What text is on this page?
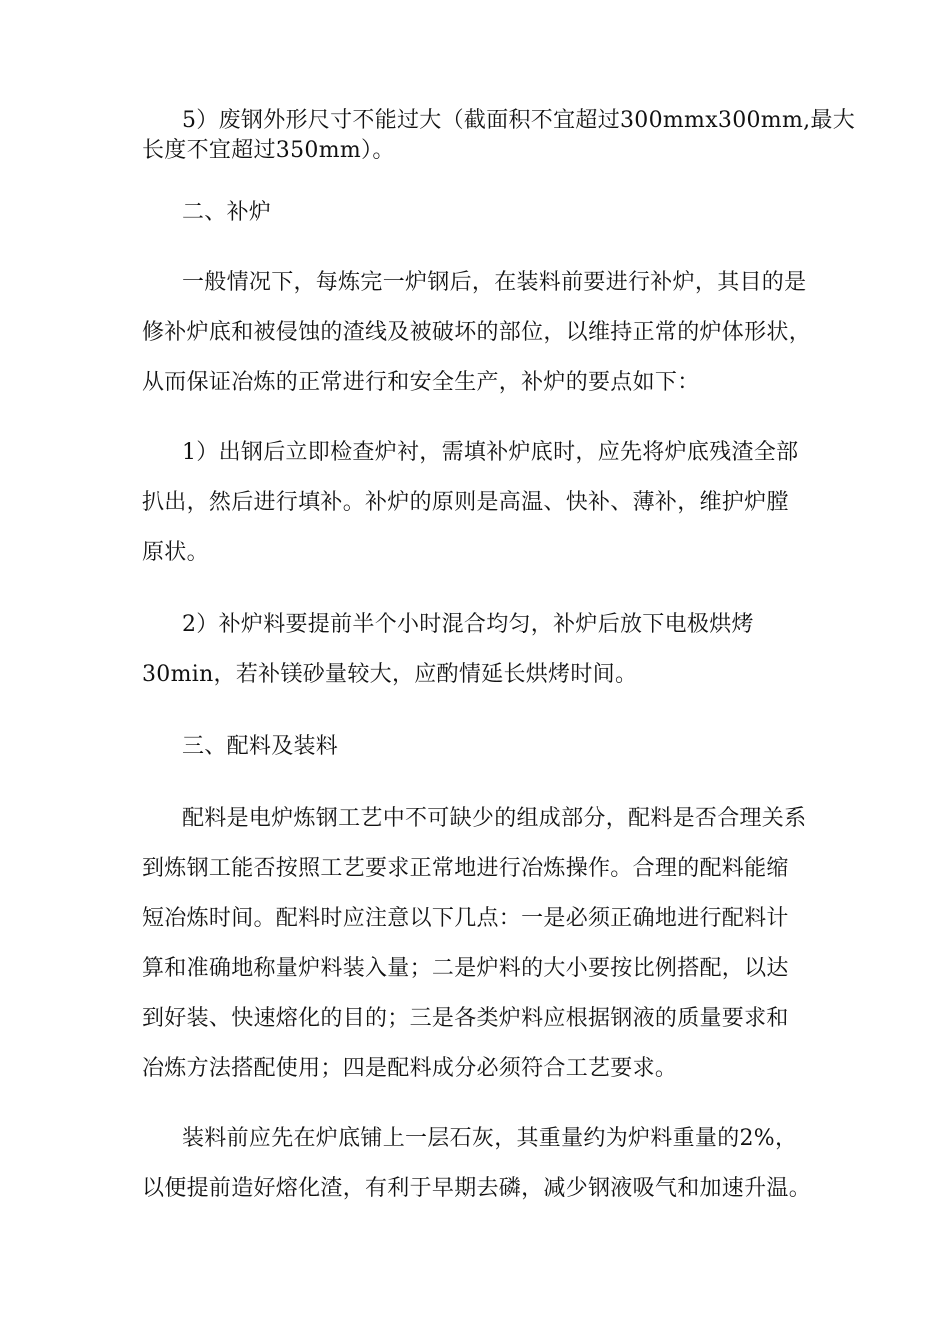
5）废钢外形尺寸不能过大（截面积不宜超过300mmx300mm,最大
长度不宜超过350mm）。

二、补炉

一般情况下，每炼完一炉钢后，在装料前要进行补炉，其目的是
修补炉底和被侵蚀的渣线及被破坏的部位，以维持正常的炉体形状，
从而保证冶炼的正常进行和安全生产，补炉的要点如下：

1）出钢后立即检查炉衬，需填补炉底时，应先将炉底残渣全部
扒出，然后进行填补。补炉的原则是高温、快补、薄补，维护炉膛
原状。

2）补炉料要提前半个小时混合均匀，补炉后放下电极烘烤
30min，若补镁砂量较大，应酌情延长烘烤时间。

三、配料及装料

配料是电炉炼钢工艺中不可缺少的组成部分，配料是否合理关系
到炼钢工能否按照工艺要求正常地进行冶炼操作。合理的配料能缩
短冶炼时间。配料时应注意以下几点：一是必须正确地进行配料计
算和准确地称量炉料装入量；二是炉料的大小要按比例搭配，以达
到好装、快速熔化的目的；三是各类炉料应根据钢液的质量要求和
冶炼方法搭配使用；四是配料成分必须符合工艺要求。

装料前应先在炉底铺上一层石灰，其重量约为炉料重量的2%，
以便提前造好熔化渣，有利于早期去磷，减少钢液吸气和加速升温。
